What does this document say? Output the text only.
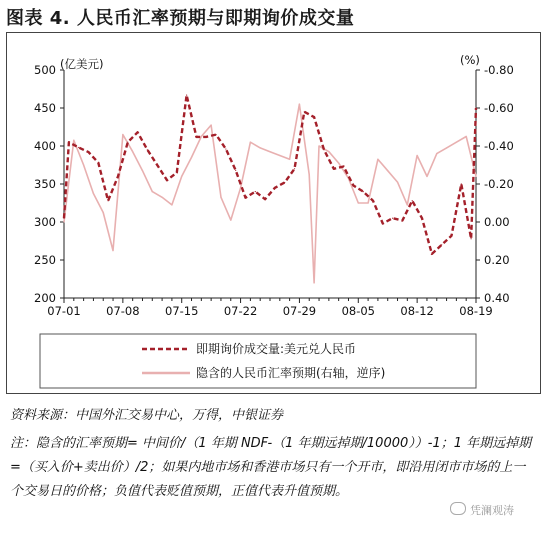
图表 4. 人民币汇率预期与即期询价成交量
(亿美元)	(%)
500
450
400
350
300
250
200
-0.80
-0.60
-0.40
-0.20
0.00
0.20
0.40
07-01 07-08 07-15 07-22 07-29 08-05 08-12 08-19
即期询价成交量:美元兑人民币
隐含的人民币汇率预期(右轴，逆序)
资料来源：中国外汇交易中心，万得，中银证券
注：隐含的汇率预期= 中间价/（1 年期 NDF-（1 年期远掉期/10000））-1；1 年期远掉期=（买入价+卖出价）/2；如果内地市场和香港市场只有一个开市，即沿用闭市市场的上一个交易日的价格；负值代表贬值预期，正值代表升值预期。
凭澜观涛
